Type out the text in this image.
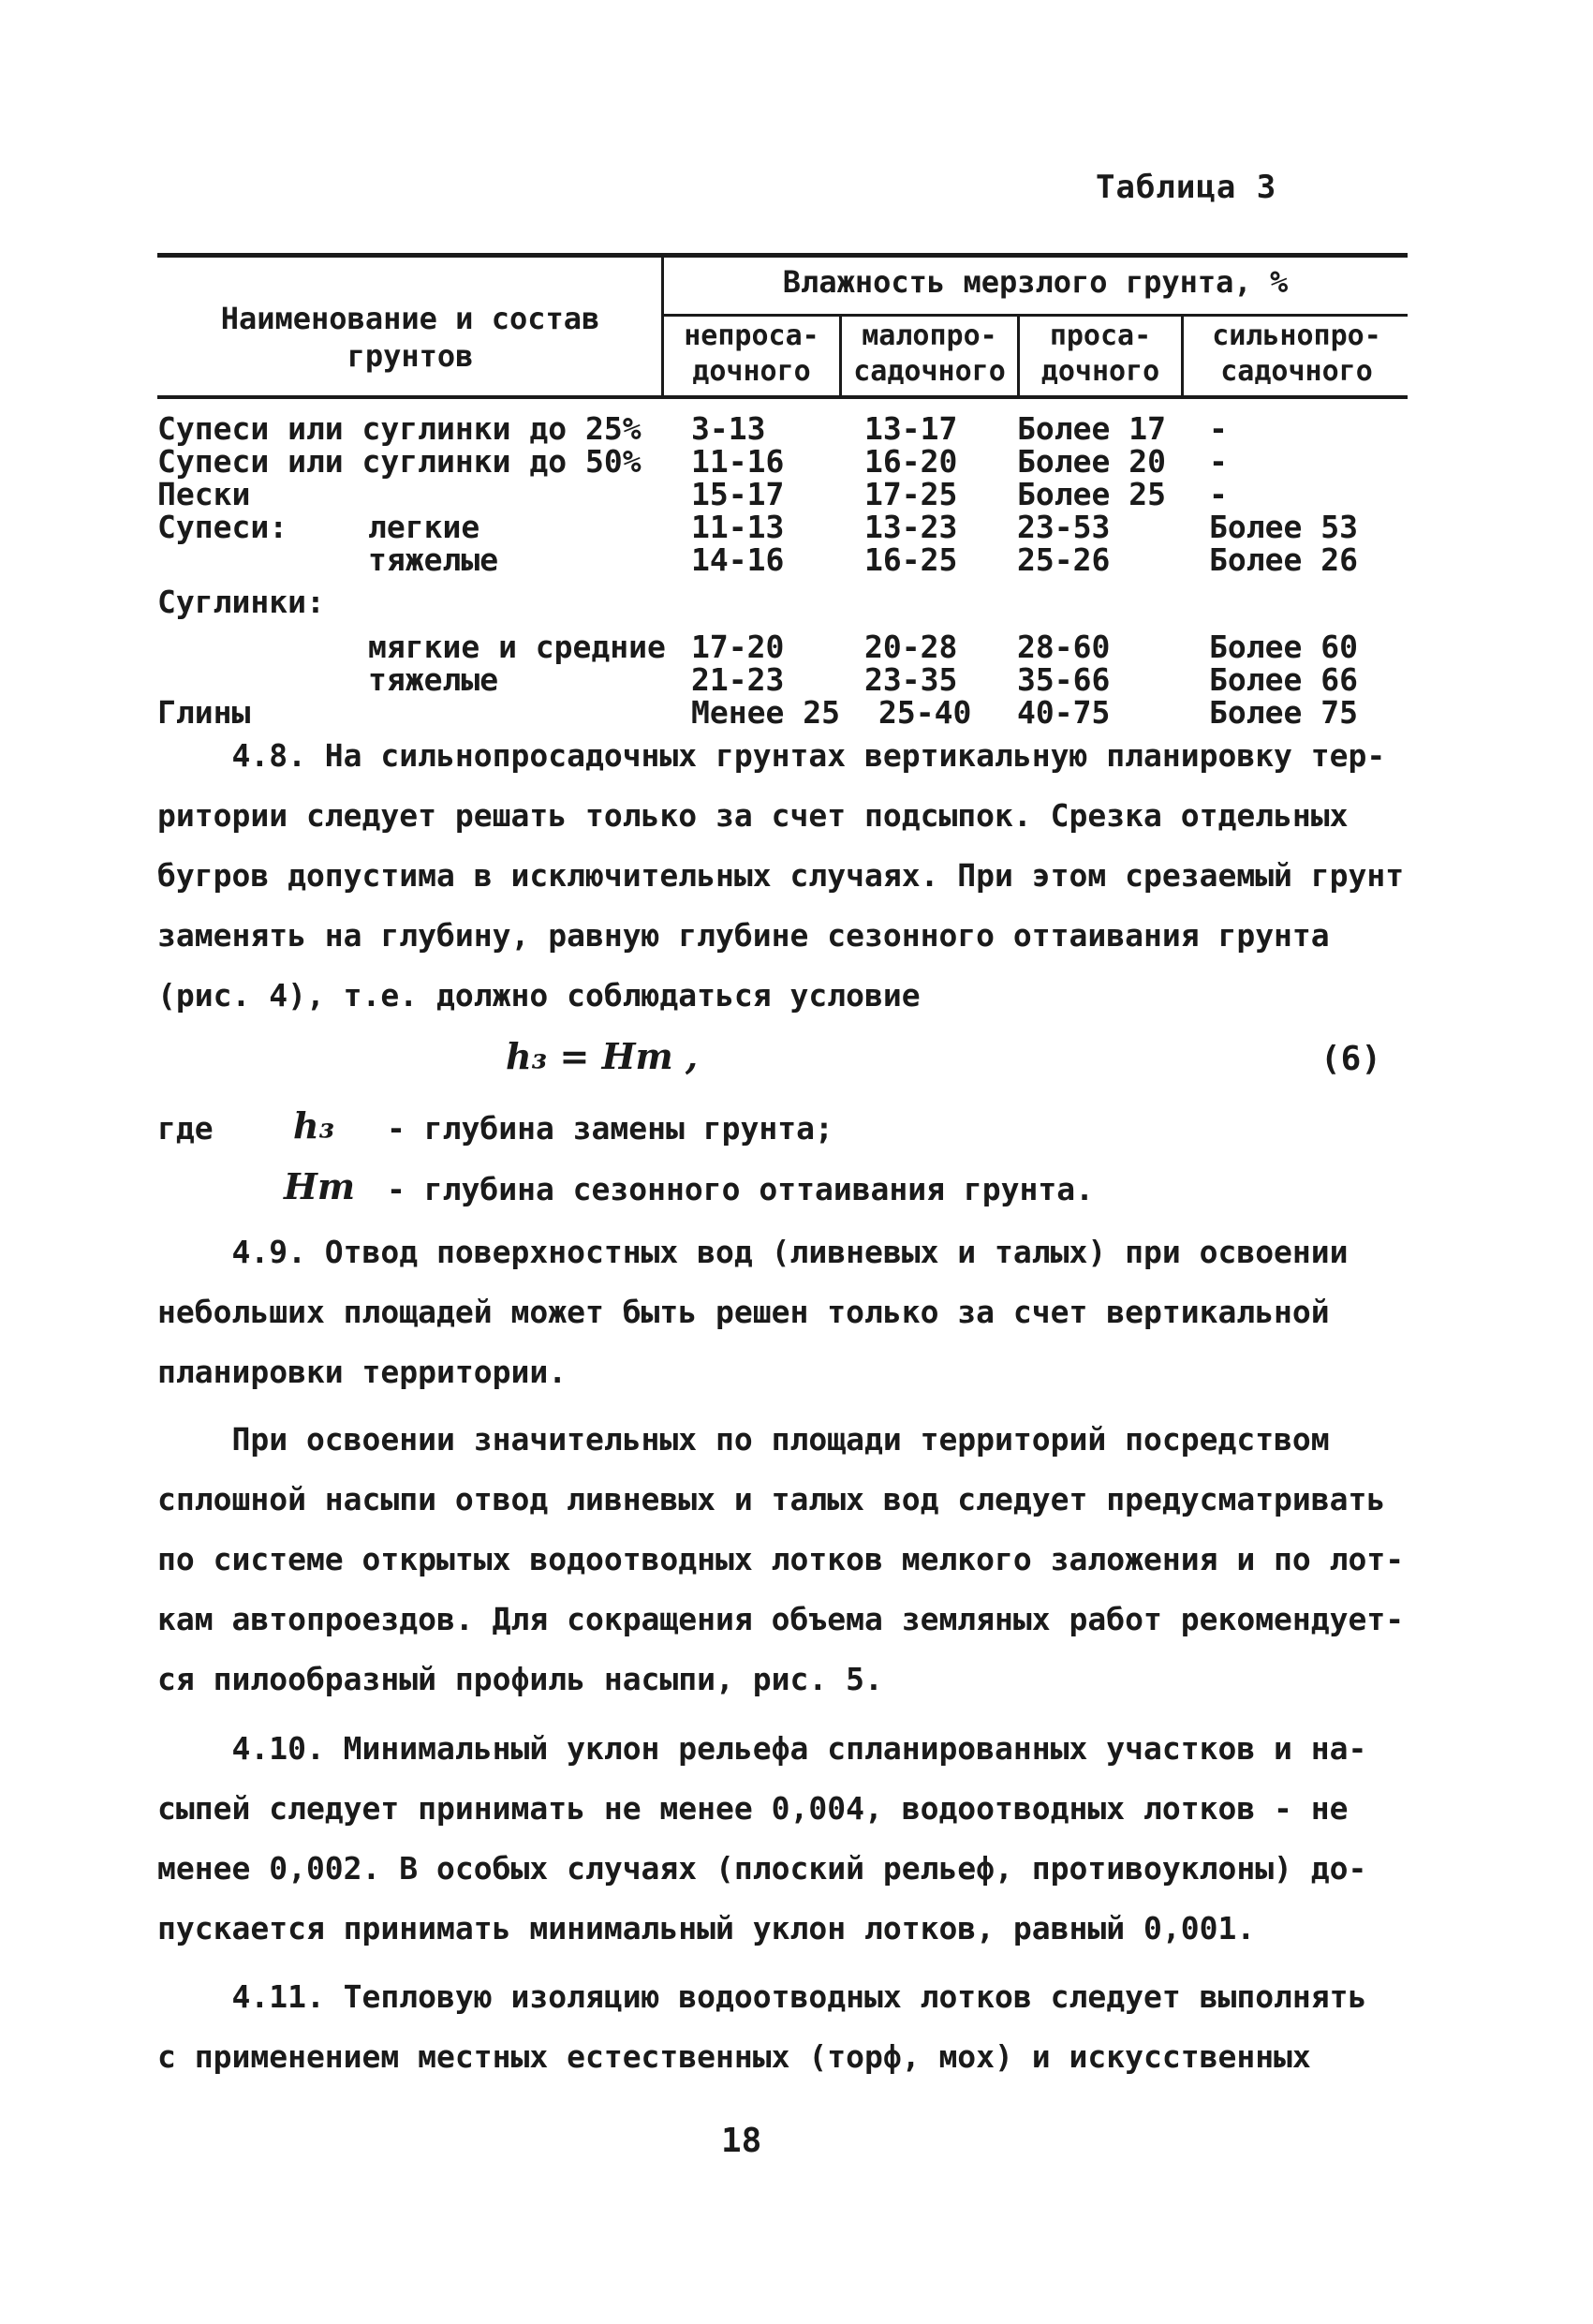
Таблица 3
Наименование и состав грунтов
Влажность мерзлого грунта, %
непроса-дочного
малопро-садочного
проса-дочного
сильнопро-садочного
Супеси или суглинки до 25% 3-13	13-17 Более 17 -
Супеси или суглинки до 50% 11-16	16-20 Более 20 -
Пески	15-17	17-25 Более 25 -
Супеси:	легкие	11-13	13-23 23-53	Более 53
тяжелые	14-16	16-25 25-26	Более 26
Суглинки:
мягкие и средние 17-20	20-28 28-60	Более 60
тяжелые	21-23	23-35 35-66	Более 66
Глины	Менее 25 25-40 40-75	Более 75
4.8. На сильнопросадочных грунтах вертикальную планировку тер-
ритории следует решать только за счет подсыпок. Срезка отдельных
бугров допустима в исключительных случаях. При этом срезаемый грунт
заменять на глубину, равную глубине сезонного оттаивания грунта
(рис. 4), т.е. должно соблюдаться условие
h₃ = Hт ,	(6)
где h₃ - глубина замены грунта;
Hт - глубина сезонного оттаивания грунта.
4.9. Отвод поверхностных вод (ливневых и талых) при освоении
небольших площадей может быть решен только за счет вертикальной
планировки территории.
При освоении значительных по площади территорий посредством
сплошной насыпи отвод ливневых и талых вод следует предусматривать
по системе открытых водоотводных лотков мелкого заложения и по лот-
кам автопроездов. Для сокращения объема земляных работ рекомендует-
ся пилообразный профиль насыпи, рис. 5.
4.10. Минимальный уклон рельефа спланированных участков и на-
сыпей следует принимать не менее 0,004, водоотводных лотков - не
менее 0,002. В особых случаях (плоский рельеф, противоуклоны) до-
пускается принимать минимальный уклон лотков, равный 0,001.
4.11. Тепловую изоляцию водоотводных лотков следует выполнять
с применением местных естественных (торф, мох) и искусственных
18
